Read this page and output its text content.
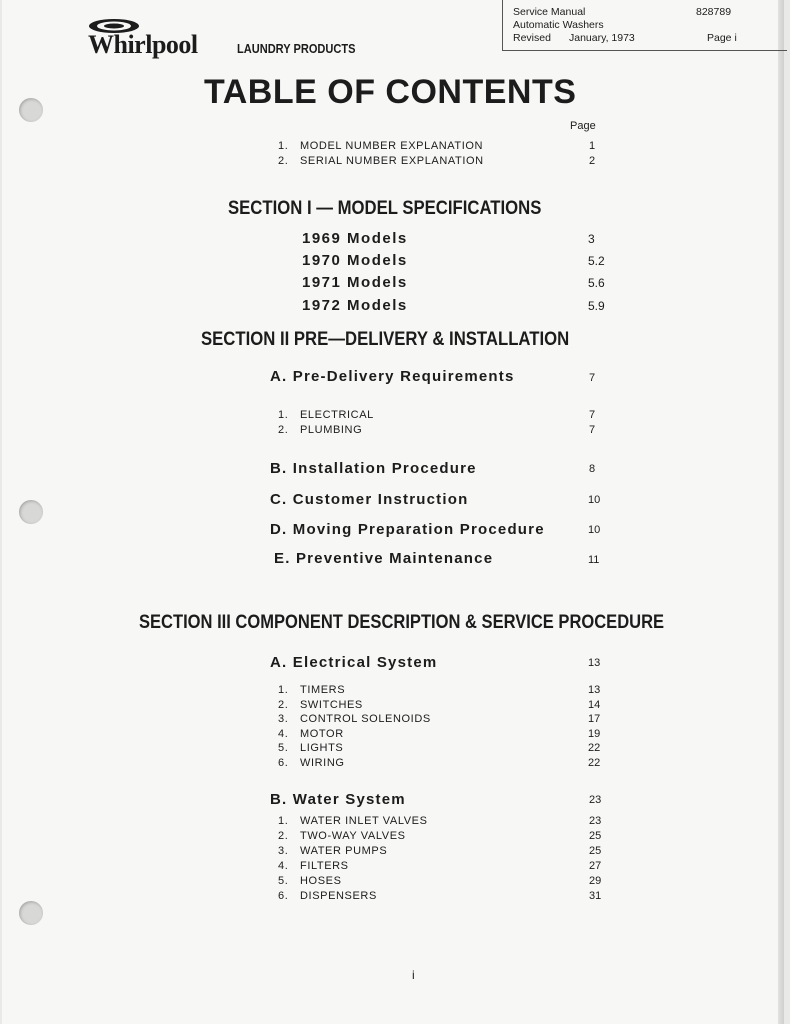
Whirlpool	LAUNDRY PRODUCTS
Service Manual	828789
Automatic Washers
Revised January, 1973	Page i
TABLE OF CONTENTS
Page
1. MODEL NUMBER EXPLANATION	1
2. SERIAL NUMBER EXPLANATION	2
SECTION I — MODEL SPECIFICATIONS
1969 Models	3
1970 Models	5.2
1971 Models	5.6
1972 Models	5.9
SECTION II PRE—DELIVERY & INSTALLATION
A. Pre-Delivery Requirements	7
1. ELECTRICAL	7
2. PLUMBING	7
B. Installation Procedure	8
C. Customer Instruction	10
D. Moving Preparation Procedure	10
E. Preventive Maintenance	11
SECTION III COMPONENT DESCRIPTION & SERVICE PROCEDURE
A. Electrical System	13
1. TIMERS	13
2. SWITCHES	14
3. CONTROL SOLENOIDS	17
4. MOTOR	19
5. LIGHTS	22
6. WIRING	22
B. Water System	23
1. WATER INLET VALVES	23
2. TWO-WAY VALVES	25
3. WATER PUMPS	25
4. FILTERS	27
5. HOSES	29
6. DISPENSERS	31
i
